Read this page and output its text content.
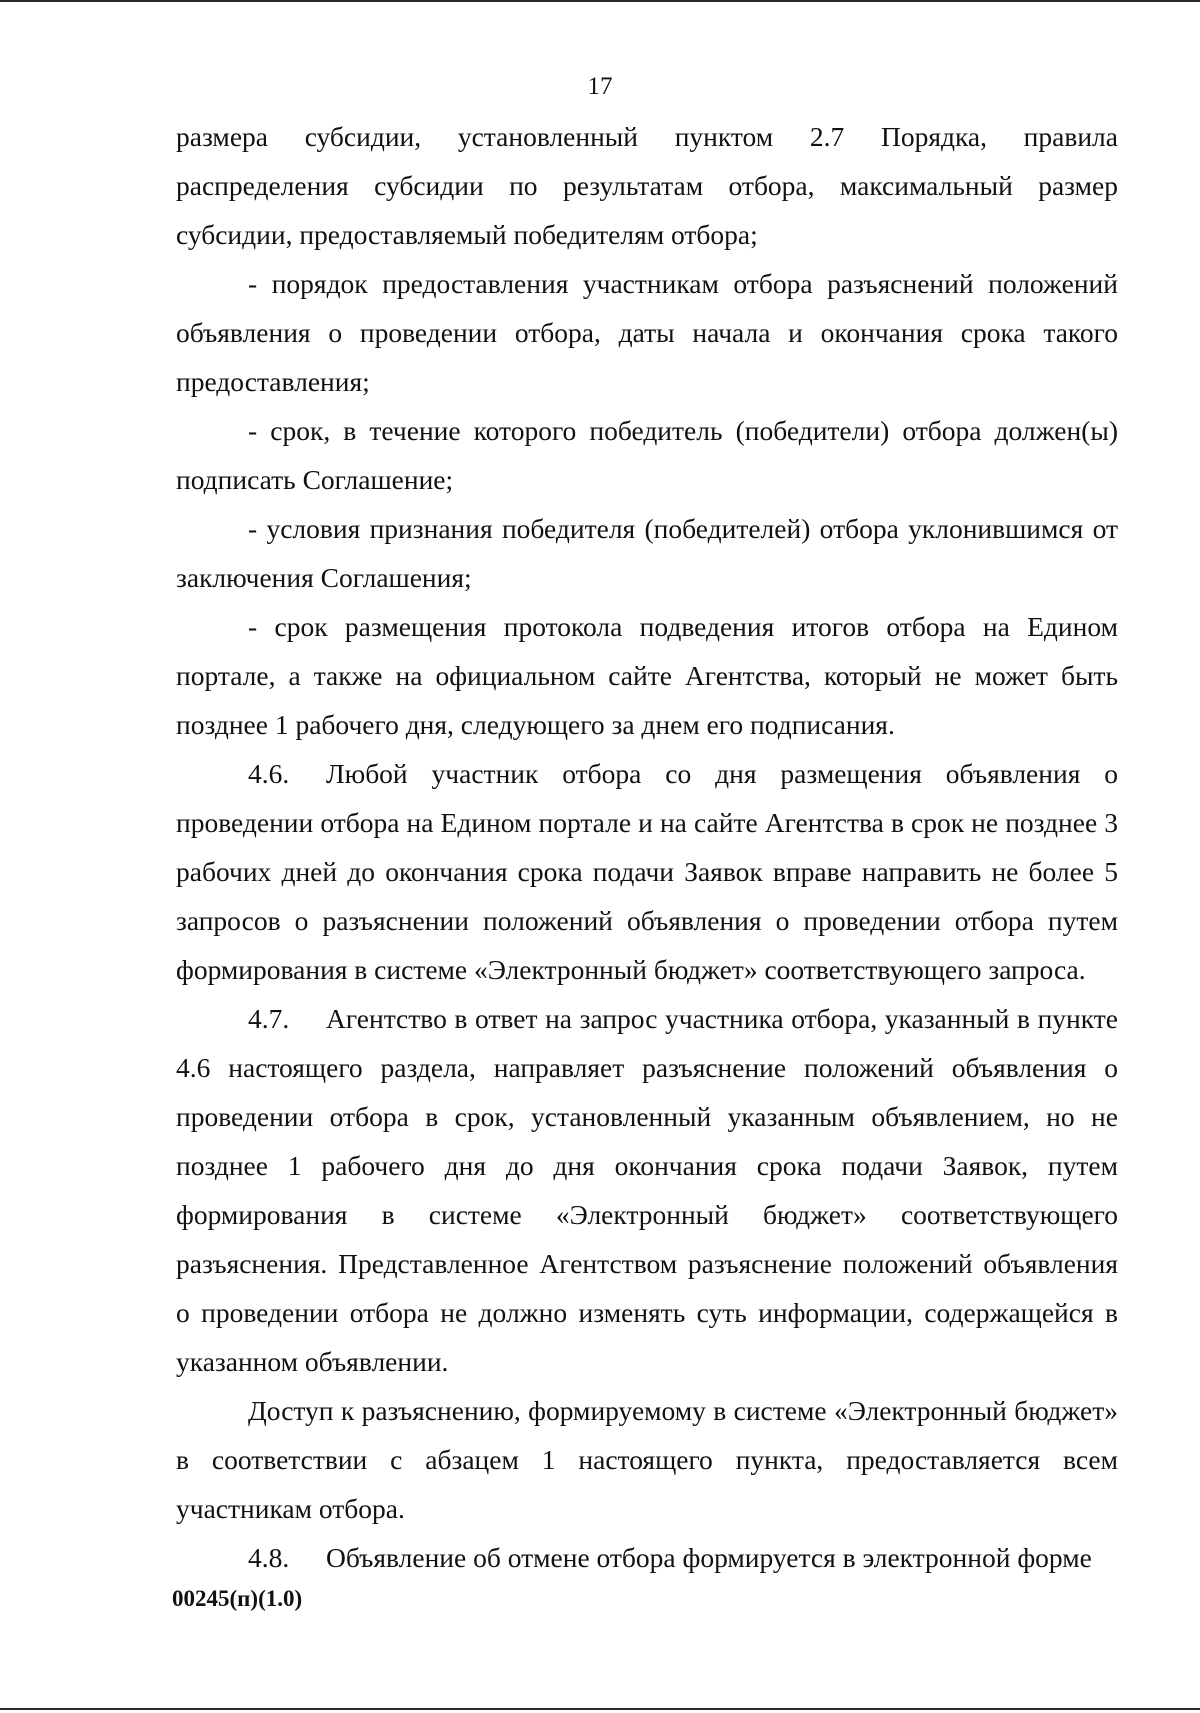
17

размера субсидии, установленный пунктом 2.7 Порядка, правила распределения субсидии по результатам отбора, максимальный размер субсидии, предоставляемый победителям отбора;

- порядок предоставления участникам отбора разъяснений положений объявления о проведении отбора, даты начала и окончания срока такого предоставления;

- срок, в течение которого победитель (победители) отбора должен(ы) подписать Соглашение;

- условия признания победителя (победителей) отбора уклонившимся от заключения Соглашения;

- срок размещения протокола подведения итогов отбора на Едином портале, а также на официальном сайте Агентства, который не может быть позднее 1 рабочего дня, следующего за днем его подписания.

4.6. Любой участник отбора со дня размещения объявления о проведении отбора на Едином портале и на сайте Агентства в срок не позднее 3 рабочих дней до окончания срока подачи Заявок вправе направить не более 5 запросов о разъяснении положений объявления о проведении отбора путем формирования в системе «Электронный бюджет» соответствующего запроса.

4.7. Агентство в ответ на запрос участника отбора, указанный в пункте 4.6 настоящего раздела, направляет разъяснение положений объявления о проведении отбора в срок, установленный указанным объявлением, но не позднее 1 рабочего дня до дня окончания срока подачи Заявок, путем формирования в системе «Электронный бюджет» соответствующего разъяснения. Представленное Агентством разъяснение положений объявления о проведении отбора не должно изменять суть информации, содержащейся в указанном объявлении.

Доступ к разъяснению, формируемому в системе «Электронный бюджет» в соответствии с абзацем 1 настоящего пункта, предоставляется всем участникам отбора.

4.8. Объявление об отмене отбора формируется в электронной форме

00245(п)(1.0)
